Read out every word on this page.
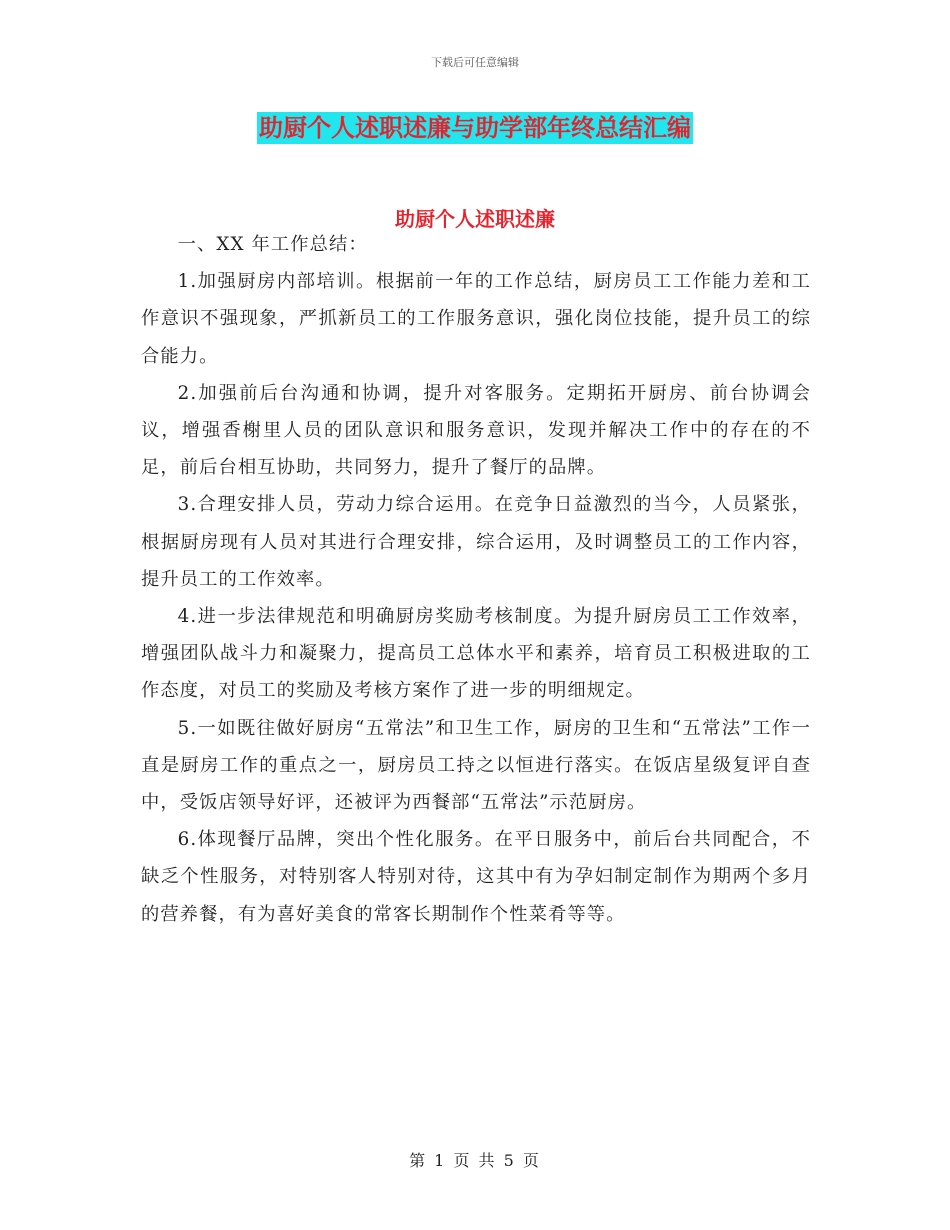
下载后可任意编辑
助厨个人述职述廉与助学部年终总结汇编
助厨个人述职述廉

一、XX 年工作总结：

1.加强厨房内部培训。根据前一年的工作总结，厨房员工工作能力差和工作意识不强现象，严抓新员工的工作服务意识，强化岗位技能，提升员工的综合能力。

2.加强前后台沟通和协调，提升对客服务。定期拓开厨房、前台协调会议，增强香榭里人员的团队意识和服务意识，发现并解决工作中的存在的不足，前后台相互协助，共同努力，提升了餐厅的品牌。

3.合理安排人员，劳动力综合运用。在竞争日益激烈的当今，人员紧张，根据厨房现有人员对其进行合理安排，综合运用，及时调整员工的工作内容，提升员工的工作效率。

4.进一步法律规范和明确厨房奖励考核制度。为提升厨房员工工作效率，增强团队战斗力和凝聚力，提高员工总体水平和素养，培育员工积极进取的工作态度，对员工的奖励及考核方案作了进一步的明细规定。

5.一如既往做好厨房“五常法”和卫生工作，厨房的卫生和“五常法”工作一直是厨房工作的重点之一，厨房员工持之以恒进行落实。在饭店星级复评自查中，受饭店领导好评，还被评为西餐部“五常法”示范厨房。

6.体现餐厅品牌，突出个性化服务。在平日服务中，前后台共同配合，不缺乏个性服务，对特别客人特别对待，这其中有为孕妇制定制作为期两个多月的营养餐，有为喜好美食的常客长期制作个性菜肴等等。

第 1 页 共 5 页
